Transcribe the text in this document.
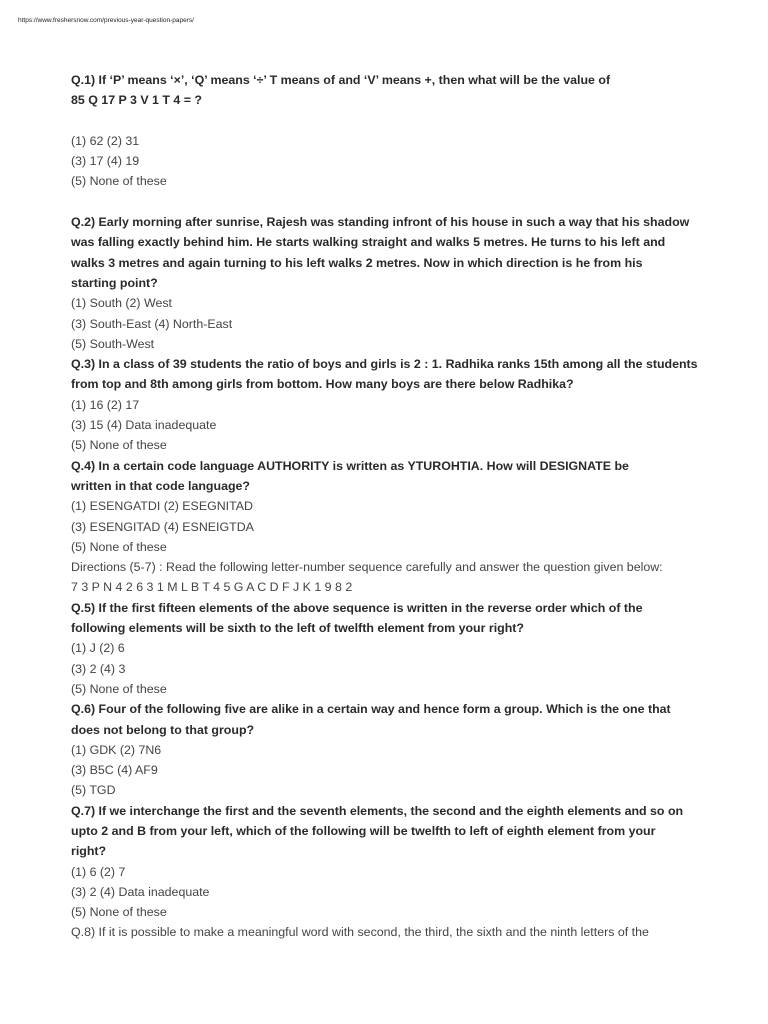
https://www.freshersnow.com/previous-year-question-papers/
Q.1) If ‘P’ means ‘×’, ‘Q’ means ‘÷’ T means of and ‘V’ means +, then what will be the value of
85 Q 17 P 3 V 1 T 4 = ?
(1) 62 (2) 31
(3) 17 (4) 19
(5) None of these
Q.2) Early morning after sunrise, Rajesh was standing infront of his house in such a way that his shadow
was falling exactly behind him. He starts walking straight and walks 5 metres. He turns to his left and
walks 3 metres and again turning to his left walks 2 metres. Now in which direction is he from his
starting point?
(1) South (2) West
(3) South-East (4) North-East
(5) South-West
Q.3) In a class of 39 students the ratio of boys and girls is 2 : 1. Radhika ranks 15th among all the students
from top and 8th among girls from bottom. How many boys are there below Radhika?
(1) 16 (2) 17
(3) 15 (4) Data inadequate
(5) None of these
Q.4) In a certain code language AUTHORITY is written as YTUROHTIA. How will DESIGNATE be
written in that code language?
(1) ESENGATDI (2) ESEGNITAD
(3) ESENGITAD (4) ESNEIGTDA
(5) None of these
Directions (5-7) : Read the following letter-number sequence carefully and answer the question given below:
7 3 P N 4 2 6 3 1 M L B T 4 5 G A C D F J K 1 9 8 2
Q.5) If the first fifteen elements of the above sequence is written in the reverse order which of the
following elements will be sixth to the left of twelfth element from your right?
(1) J (2) 6
(3) 2 (4) 3
(5) None of these
Q.6) Four of the following five are alike in a certain way and hence form a group. Which is the one that
does not belong to that group?
(1) GDK (2) 7N6
(3) B5C (4) AF9
(5) TGD
Q.7) If we interchange the first and the seventh elements, the second and the eighth elements and so on
upto 2 and B from your left, which of the following will be twelfth to left of eighth element from your
right?
(1) 6 (2) 7
(3) 2 (4) Data inadequate
(5) None of these
Q.8) If it is possible to make a meaningful word with second, the third, the sixth and the ninth letters of the
